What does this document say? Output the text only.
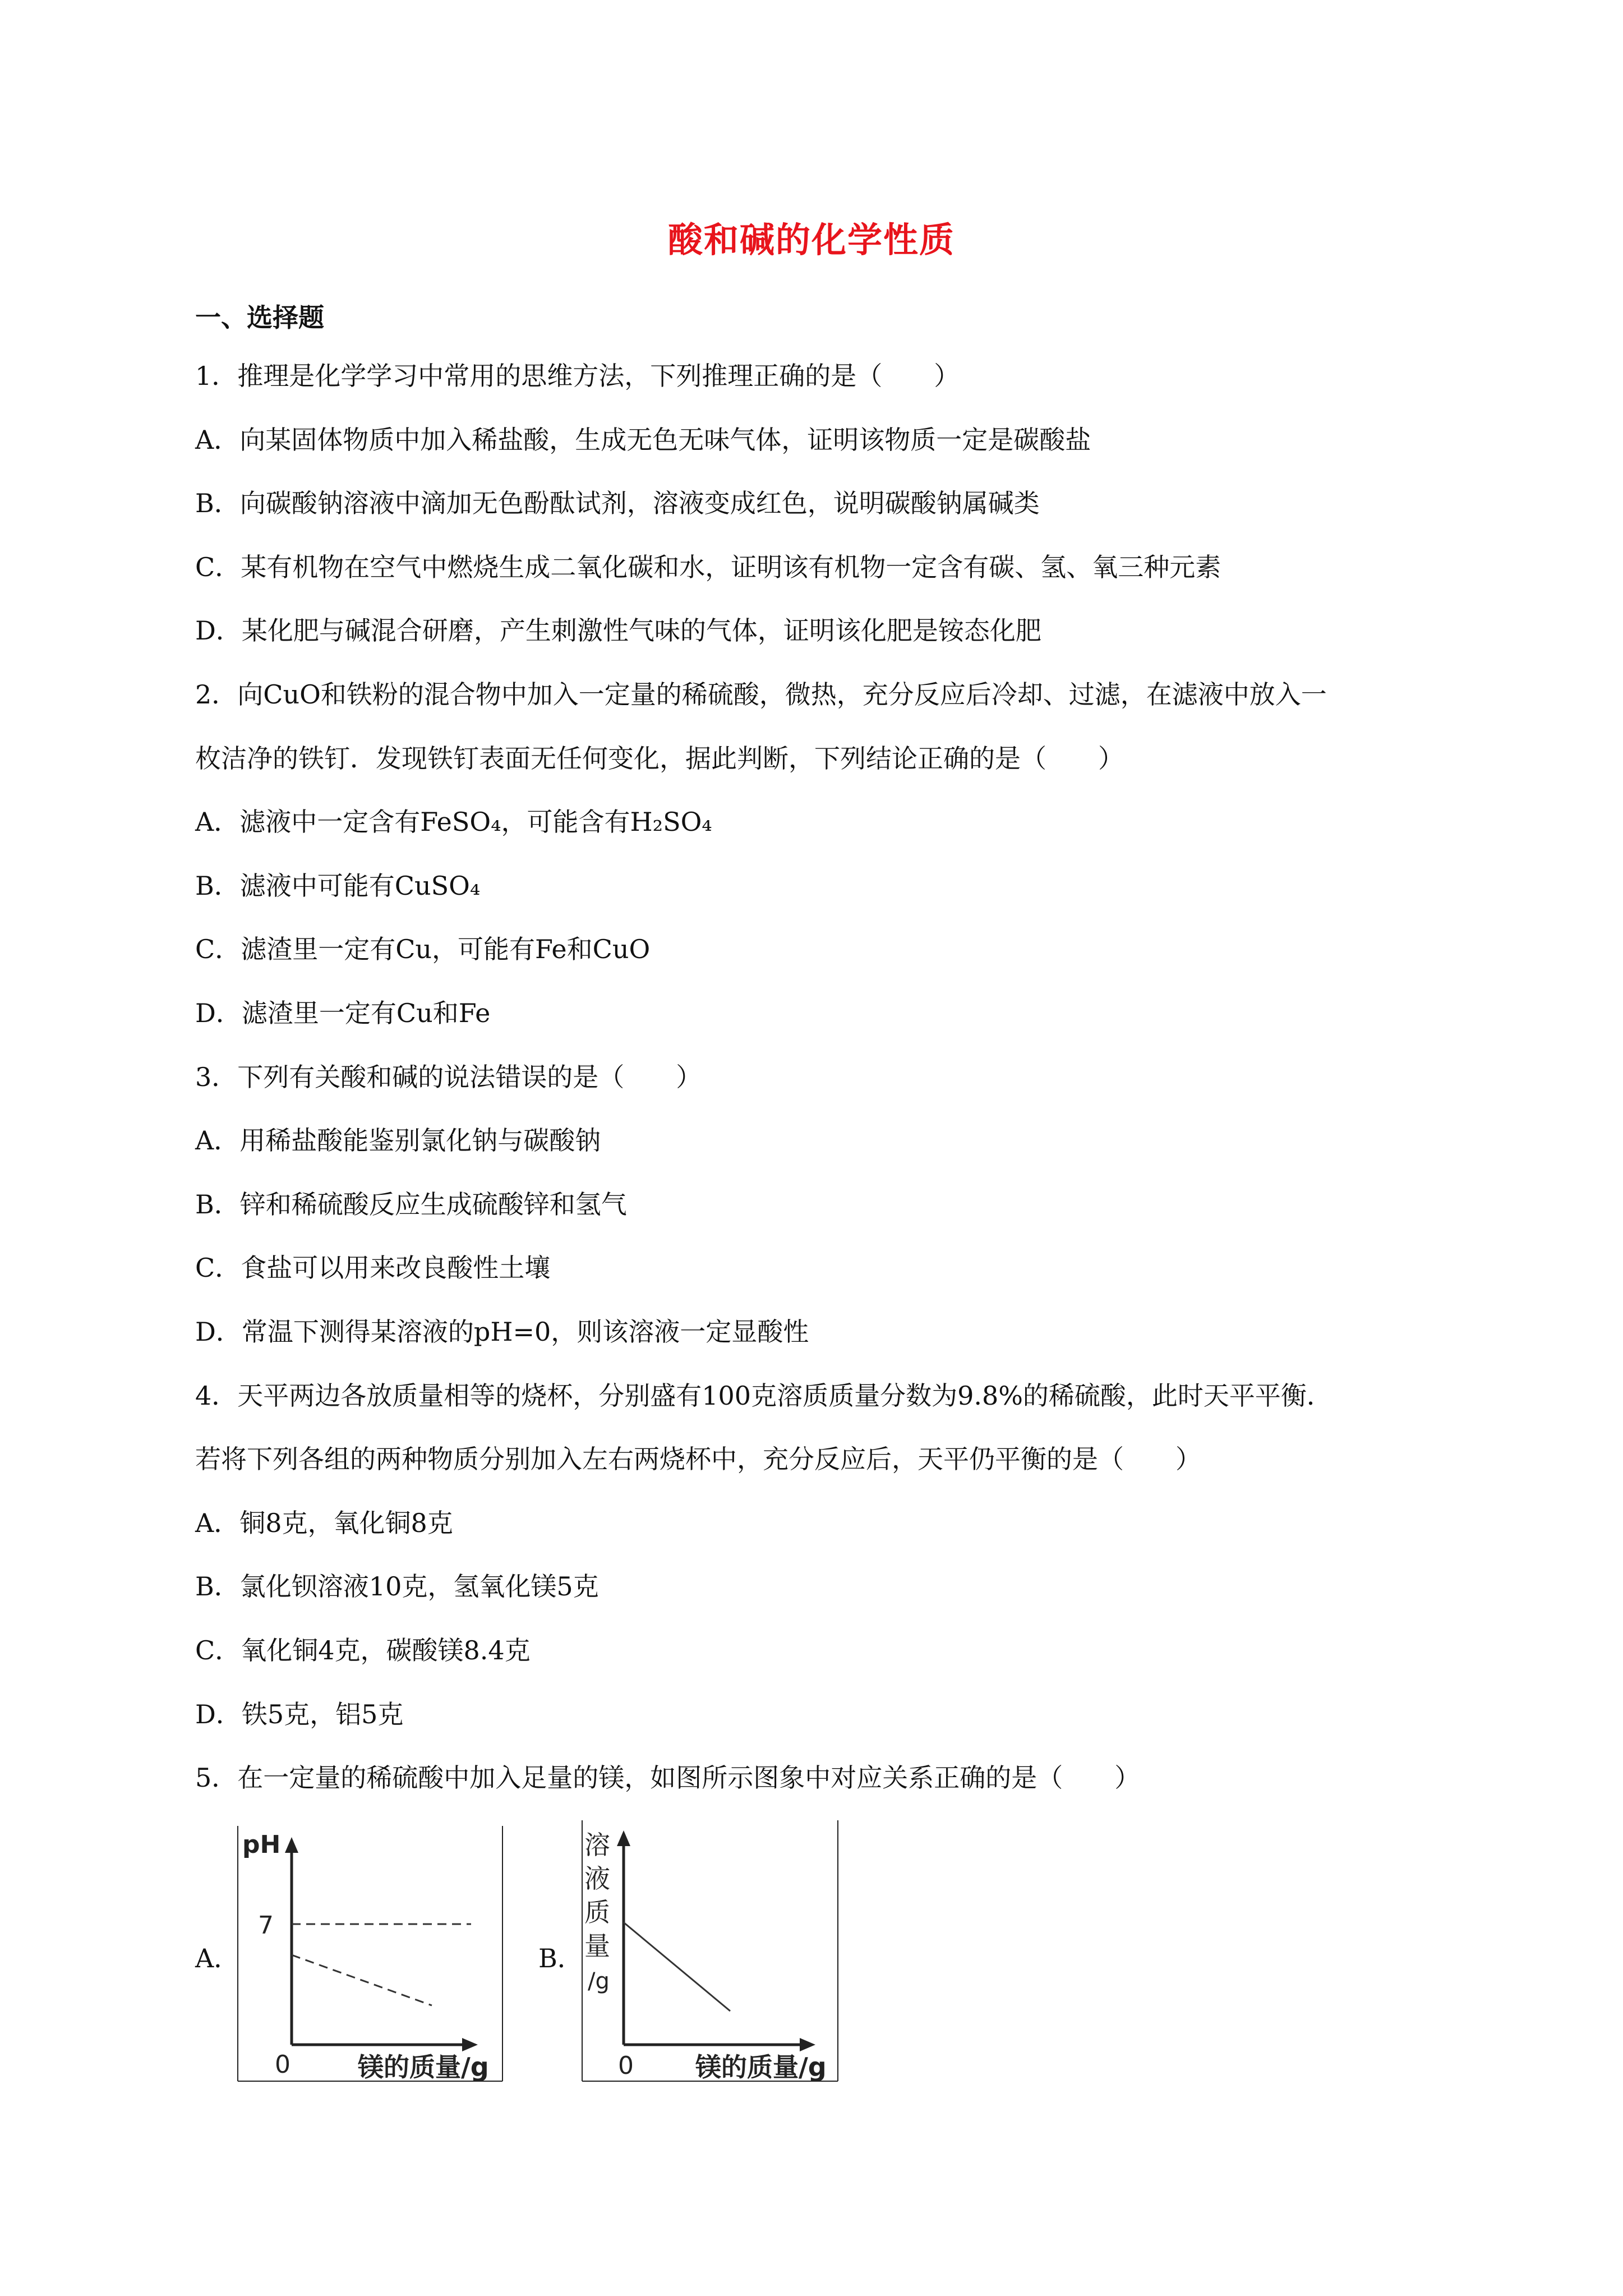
酸和碱的化学性质
一、选择题
1．推理是化学学习中常用的思维方法，下列推理正确的是（　　）
A．向某固体物质中加入稀盐酸，生成无色无味气体，证明该物质一定是碳酸盐
B．向碳酸钠溶液中滴加无色酚酞试剂，溶液变成红色，说明碳酸钠属碱类
C．某有机物在空气中燃烧生成二氧化碳和水，证明该有机物一定含有碳、氢、氧三种元素
D．某化肥与碱混合研磨，产生刺激性气味的气体，证明该化肥是铵态化肥
2．向CuO和铁粉的混合物中加入一定量的稀硫酸，微热，充分反应后冷却、过滤，在滤液中放入一
枚洁净的铁钉．发现铁钉表面无任何变化，据此判断，下列结论正确的是（　　）
A．滤液中一定含有FeSO₄，可能含有H₂SO₄
B．滤液中可能有CuSO₄
C．滤渣里一定有Cu，可能有Fe和CuO
D．滤渣里一定有Cu和Fe
3．下列有关酸和碱的说法错误的是（　　）
A．用稀盐酸能鉴别氯化钠与碳酸钠
B．锌和稀硫酸反应生成硫酸锌和氢气
C．食盐可以用来改良酸性土壤
D．常温下测得某溶液的pH=0，则该溶液一定显酸性
4．天平两边各放质量相等的烧杯，分别盛有100克溶质质量分数为9.8%的稀硫酸，此时天平平衡．
若将下列各组的两种物质分别加入左右两烧杯中，充分反应后，天平仍平衡的是（　　）
A．铜8克，氧化铜8克
B．氯化钡溶液10克，氢氧化镁5克
C．氧化铜4克，碳酸镁8.4克
D．铁5克，铝5克
5．在一定量的稀硫酸中加入足量的镁，如图所示图象中对应关系正确的是（　　）
A．
pH
7
0	镁的质量/g
B．
溶
液
质
量
/g
0 镁的质量/g
